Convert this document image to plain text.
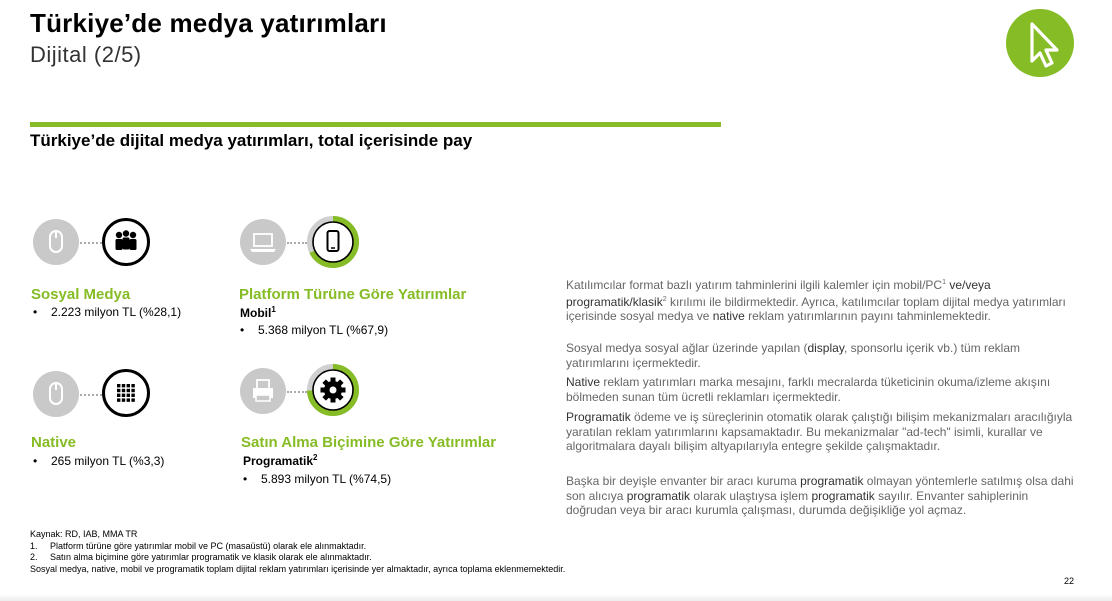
Türkiye’de medya yatırımları
Dijital (2/5)
Türkiye’de dijital medya yatırımları, total içerisinde pay
Sosyal Medya
• 2.223 milyon TL (%28,1)
Platform Türüne Göre Yatırımlar
Mobil$^1$
• 5.368 milyon TL (%67,9)
Native
• 265 milyon TL (%3,3)
Satın Alma Biçimine Göre Yatırımlar
Programatik$^2$
• 5.893 milyon TL (%74,5)
Katılımcılar format bazlı yatırım tahminlerini ilgili kalemler için mobil/$PC^1$ ve/veya programatik/klasik$^2$ kırılımı ile bildirmektedir. Ayrıca, katılımcılar toplam dijital medya yatırımları içerisinde sosyal medya ve native reklam yatırımlarının payını tahminlemektedir.
Sosyal medya sosyal ağlar üzerinde yapılan (display, sponsorlu içerik vb.) tüm reklam yatırımlarını içermektedir.
Native reklam yatırımları marka mesajını, farklı mecralarda tüketicinin okuma/izleme akışını bölmeden sunan tüm ücretli reklamları içermektedir.
Programatik ödeme ve iş süreçlerinin otomatik olarak çalıştığı bilişim mekanizmaları aracılığıyla yaratılan reklam yatırımlarını kapsamaktadır. Bu mekanizmalar "ad-tech" isimli, kurallar ve algoritmalara dayalı bilişim altyapılarıyla entegre şekilde çalışmaktadır.
Başka bir deyişle envanter bir aracı kuruma programatik olmayan yöntemlerle satılmış olsa dahi son alıcıya programatik olarak ulaştıysa işlem programatik sayılır. Envanter sahiplerinin doğrudan veya bir aracı kurumla çalışması, durumda değişikliğe yol açmaz.
Kaynak: RD, IAB, MMA TR
1. Platform türüne göre yatırımlar mobil ve PC (masaüstü) olarak ele alınmaktadır.
2. Satın alma biçimine göre yatırımlar programatik ve klasik olarak ele alınmaktadır.
Sosyal medya, native, mobil ve programatik toplam dijital reklam yatırımları içerisinde yer almaktadır, ayrıca toplama eklenmemektedir.
22
